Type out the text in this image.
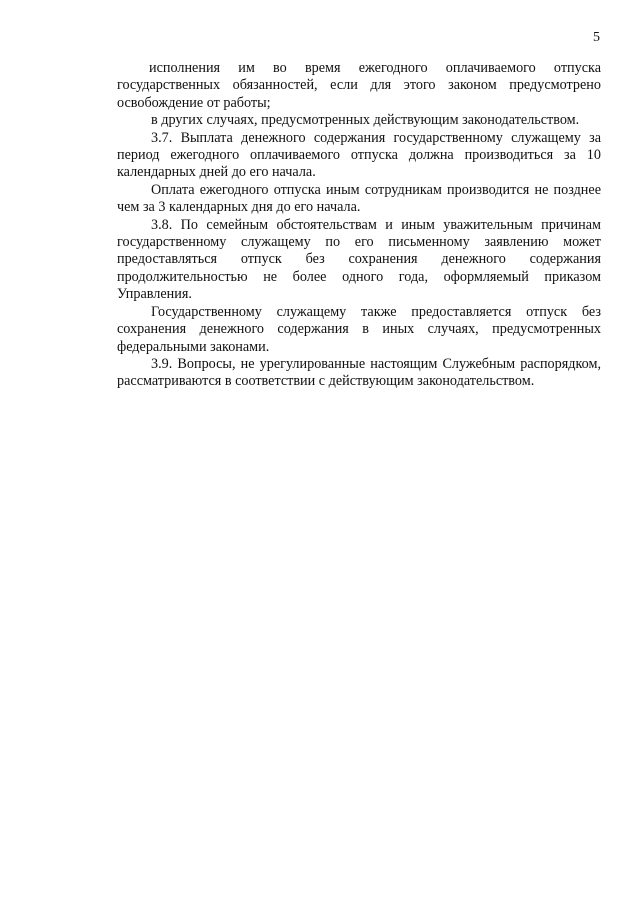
5

исполнения им во время ежегодного оплачиваемого отпуска государственных обязанностей, если для этого законом предусмотрено освобождение от работы;

в других случаях, предусмотренных действующим законодательством.

3.7. Выплата денежного содержания государственному служащему за период ежегодного оплачиваемого отпуска должна производиться за 10 календарных дней до его начала.

Оплата ежегодного отпуска иным сотрудникам производится не позднее чем за 3 календарных дня до его начала.

3.8. По семейным обстоятельствам и иным уважительным причинам государственному служащему по его письменному заявлению может предоставляться отпуск без сохранения денежного содержания продолжительностью не более одного года, оформляемый приказом Управления.

Государственному служащему также предоставляется отпуск без сохранения денежного содержания в иных случаях, предусмотренных федеральными законами.

3.9. Вопросы, не урегулированные настоящим Служебным распорядком, рассматриваются в соответствии с действующим законодательством.
